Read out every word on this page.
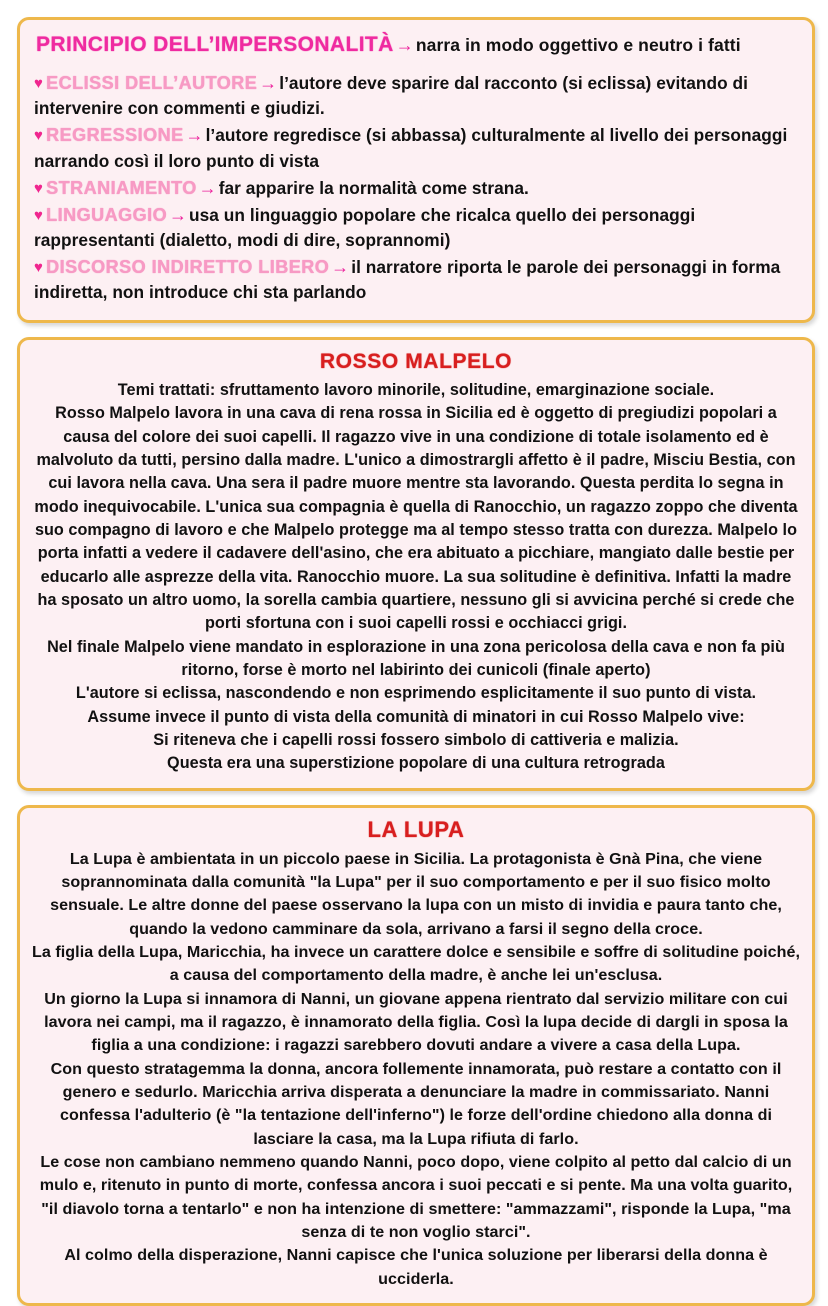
PRINCIPIO DELL’IMPERSONALITÀ → narra in modo oggettivo e neutro i fatti

♥ ECLISSI DELL’AUTORE → l’autore deve sparire dal racconto (si eclissa) evitando di intervenire con commenti e giudizi.

♥ REGRESSIONE → l’autore regredisce (si abbassa) culturalmente al livello dei personaggi narrando così il loro punto di vista

♥ STRANIAMENTO → far apparire la normalità come strana.

♥ LINGUAGGIO → usa un linguaggio popolare che ricalca quello dei personaggi rappresentanti (dialetto, modi di dire, soprannomi)

♥ DISCORSO INDIRETTO LIBERO → il narratore riporta le parole dei personaggi in forma indiretta, non introduce chi sta parlando

ROSSO MALPELO

Temi trattati: sfruttamento lavoro minorile, solitudine, emarginazione sociale.

Rosso Malpelo lavora in una cava di rena rossa in Sicilia ed è oggetto di pregiudizi popolari a causa del colore dei suoi capelli. Il ragazzo vive in una condizione di totale isolamento ed è malvoluto da tutti, persino dalla madre. L'unico a dimostrargli affetto è il padre, Misciu Bestia, con cui lavora nella cava. Una sera il padre muore mentre sta lavorando. Questa perdita lo segna in modo inequivocabile. L'unica sua compagnia è quella di Ranocchio, un ragazzo zoppo che diventa suo compagno di lavoro e che Malpelo protegge ma al tempo stesso tratta con durezza. Malpelo lo porta infatti a vedere il cadavere dell'asino, che era abituato a picchiare, mangiato dalle bestie per educarlo alle asprezze della vita. Ranocchio muore. La sua solitudine è definitiva. Infatti la madre ha sposato un altro uomo, la sorella cambia quartiere, nessuno gli si avvicina perché si crede che porti sfortuna con i suoi capelli rossi e occhiacci grigi.

Nel finale Malpelo viene mandato in esplorazione in una zona pericolosa della cava e non fa più ritorno, forse è morto nel labirinto dei cunicoli (finale aperto)

L'autore si eclissa, nascondendo e non esprimendo esplicitamente il suo punto di vista.

Assume invece il punto di vista della comunità di minatori in cui Rosso Malpelo vive:

Si riteneva che i capelli rossi fossero simbolo di cattiveria e malizia.

Questa era una superstizione popolare di una cultura retrograda

LA LUPA

La Lupa è ambientata in un piccolo paese in Sicilia. La protagonista è Gnà Pina, che viene soprannominata dalla comunità "la Lupa" per il suo comportamento e per il suo fisico molto sensuale. Le altre donne del paese osservano la lupa con un misto di invidia e paura tanto che, quando la vedono camminare da sola, arrivano a farsi il segno della croce.

La figlia della Lupa, Maricchia, ha invece un carattere dolce e sensibile e soffre di solitudine poiché, a causa del comportamento della madre, è anche lei un'esclusa.

Un giorno la Lupa si innamora di Nanni, un giovane appena rientrato dal servizio militare con cui lavora nei campi, ma il ragazzo, è innamorato della figlia. Così la lupa decide di dargli in sposa la figlia a una condizione: i ragazzi sarebbero dovuti andare a vivere a casa della Lupa.

Con questo stratagemma la donna, ancora follemente innamorata, può restare a contatto con il genero e sedurlo. Maricchia arriva disperata a denunciare la madre in commissariato. Nanni confessa l'adulterio (è "la tentazione dell'inferno") le forze dell'ordine chiedono alla donna di lasciare la casa, ma la Lupa rifiuta di farlo.

Le cose non cambiano nemmeno quando Nanni, poco dopo, viene colpito al petto dal calcio di un mulo e, ritenuto in punto di morte, confessa ancora i suoi peccati e si pente. Ma una volta guarito, "il diavolo torna a tentarlo" e non ha intenzione di smettere: "ammazzami", risponde la Lupa, "ma senza di te non voglio starci".

Al colmo della disperazione, Nanni capisce che l'unica soluzione per liberarsi della donna è ucciderla.
